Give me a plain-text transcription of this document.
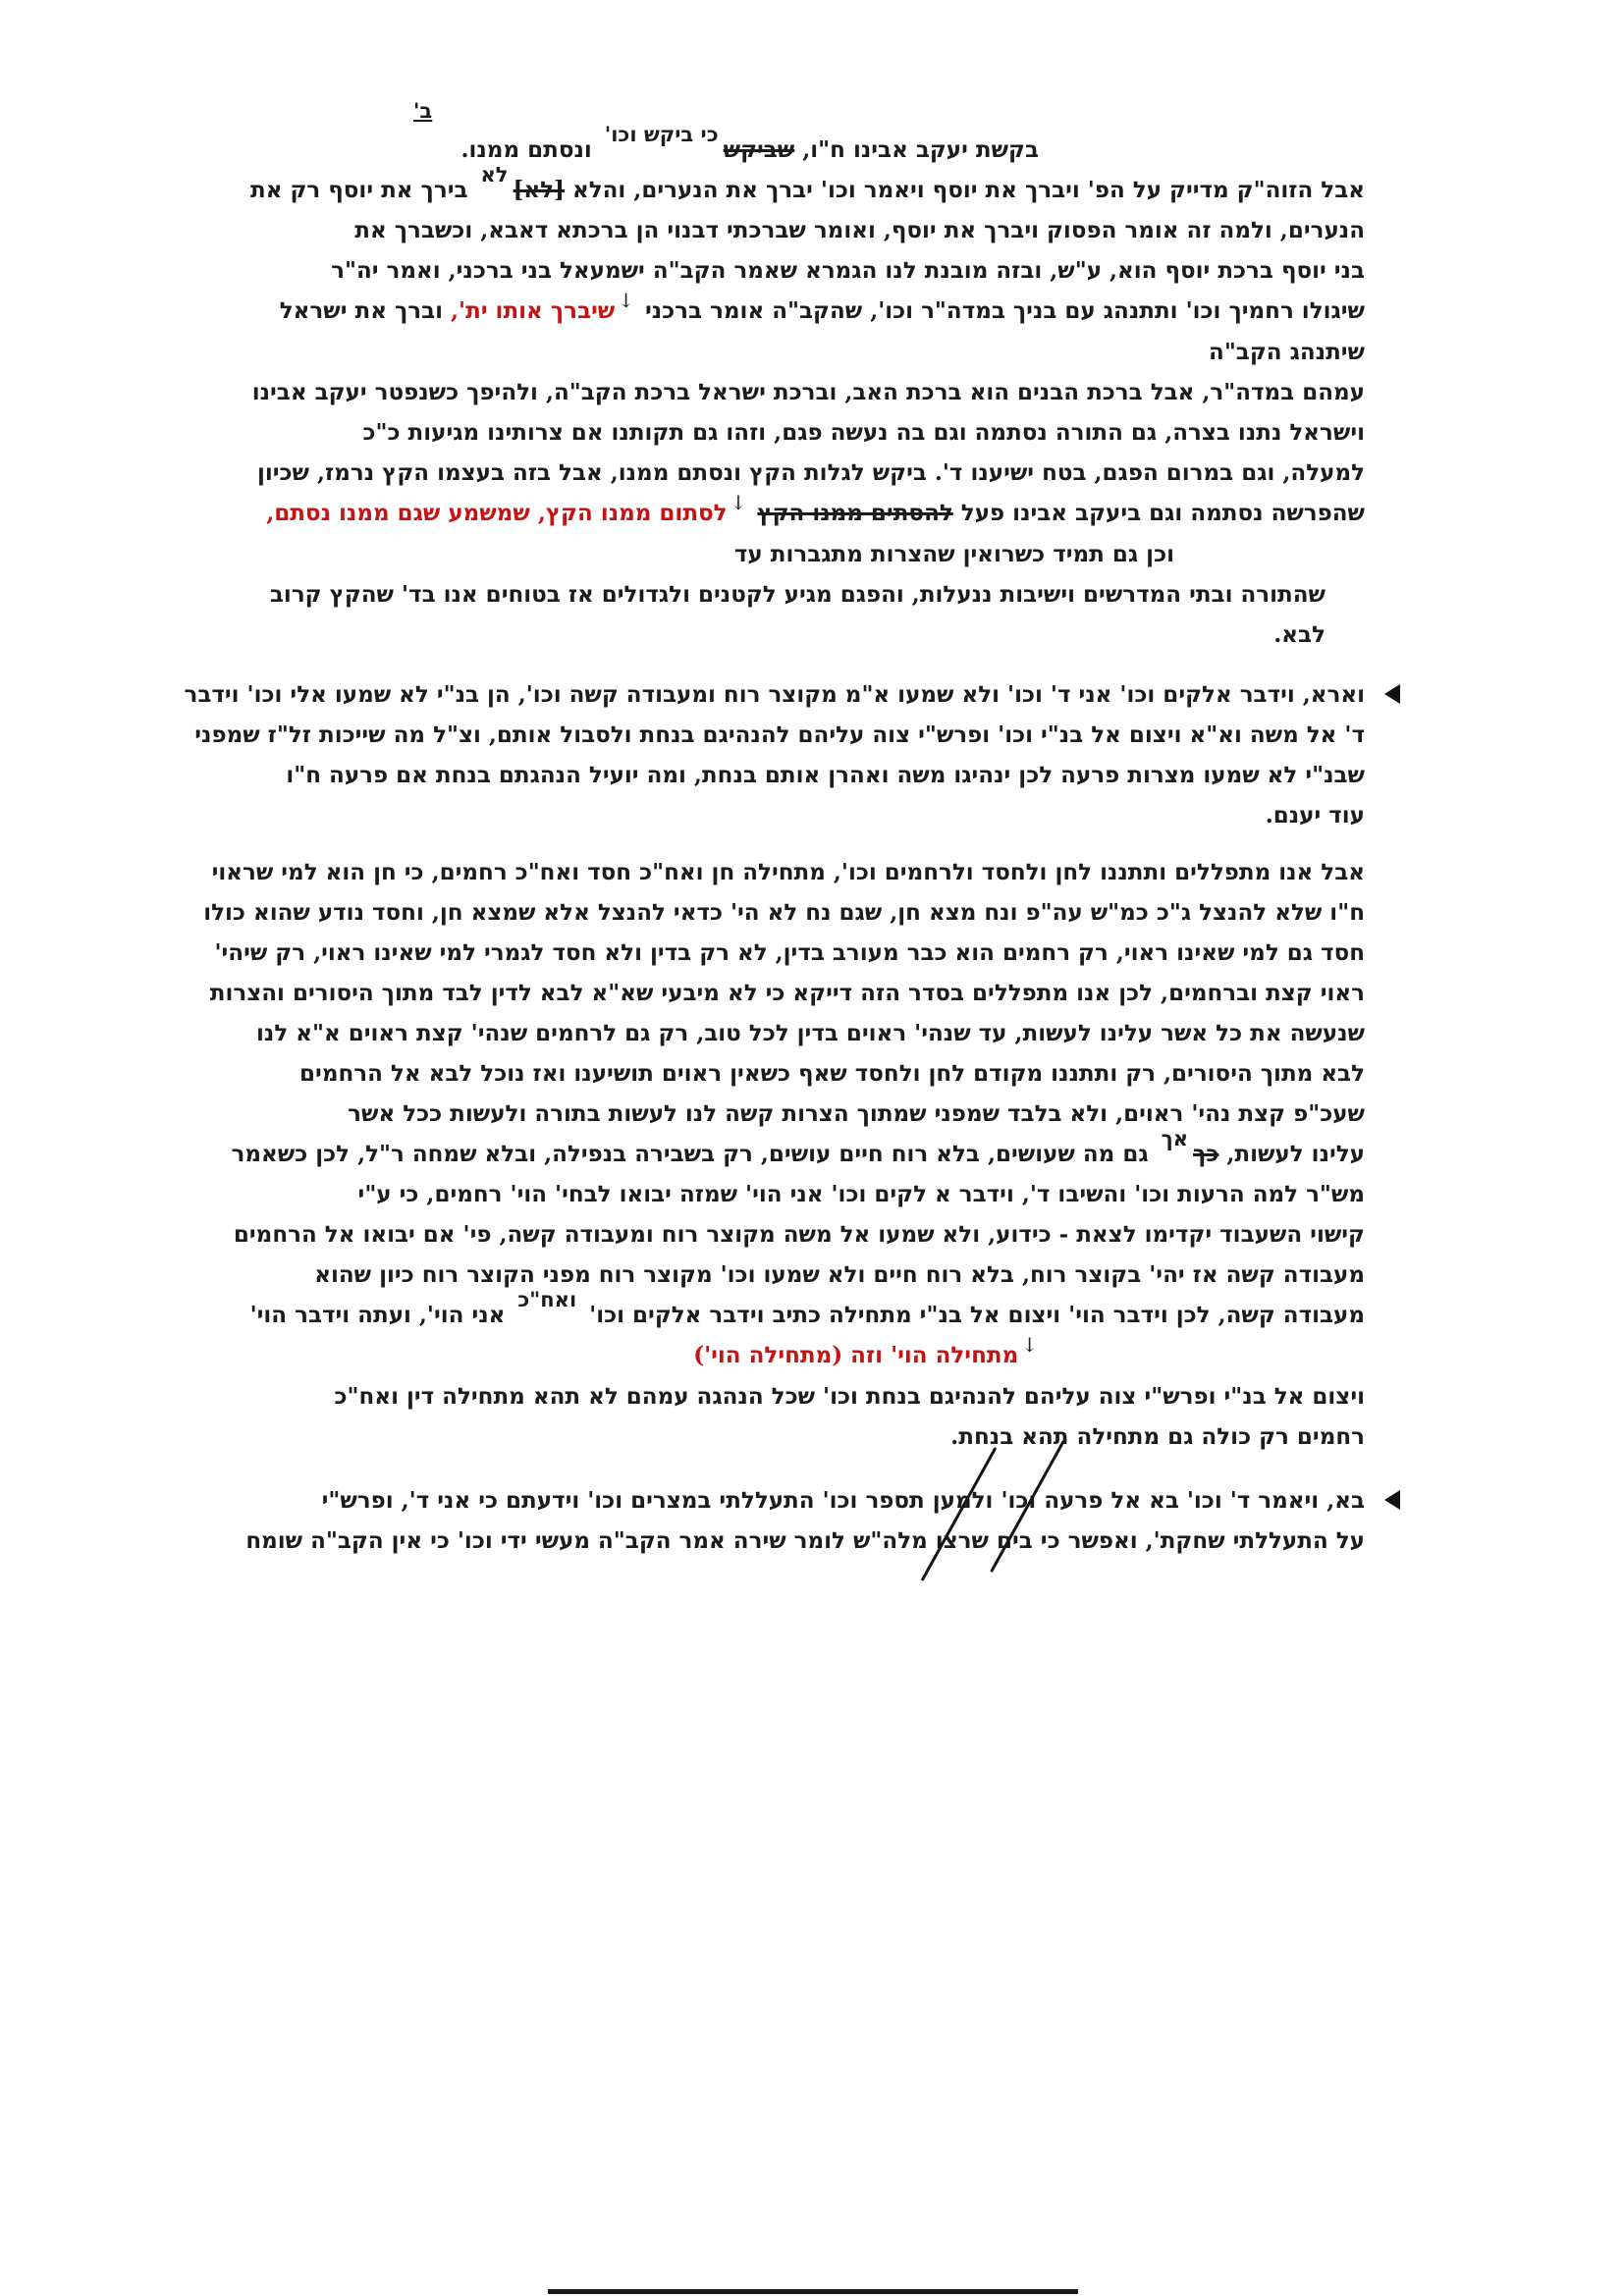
ב'
בקשת יעקב אבינו ח"ו, שביקשכי ביקש וכו' ונסתם ממנו.
אבל הזוה"ק מדייק על הפ' ויברך את יוסף ויאמר וכו' יברך את הנערים, והלא [לא]לא בירך את יוסף רק את
הנערים, ולמה זה אומר הפסוק ויברך את יוסף, ואומר שברכתי דבנוי הן ברכתא דאבא, וכשברך את
בני יוסף ברכת יוסף הוא, ע"ש, ובזה מובנת לנו הגמרא שאמר הקב"ה ישמעאל בני ברכני, ואמר יה"ר
שיגולו רחמיך וכו' ותתנהג עם בניך במדה"ר וכו', שהקב"ה אומר ברכני ↓שיברך אותו ית', וברך את ישראל
שיתנהג הקב"ה
עמהם במדה"ר, אבל ברכת הבנים הוא ברכת האב, וברכת ישראל ברכת הקב"ה, ולהיפך כשנפטר יעקב אבינו
וישראל נתנו בצרה, גם התורה נסתמה וגם בה נעשה פגם, וזהו גם תקותנו אם צרותינו מגיעות כ"כ
למעלה, וגם במרום הפגם, בטח ישיענו ד'. ביקש לגלות הקץ ונסתם ממנו, אבל בזה בעצמו הקץ נרמז, שכיון
שהפרשה נסתמה וגם ביעקב אבינו פעל להסתים ממנו הקץ ↓לסתום ממנו הקץ, שמשמע שגם ממנו נסתם,
וכן גם תמיד כשרואין שהצרות מתגברות עד
שהתורה ובתי המדרשים וישיבות ננעלות, והפגם מגיע לקטנים ולגדולים אז בטוחים אנו בד' שהקץ קרוב
לבא.
וארא, וידבר אלקים וכו' אני ד' וכו' ולא שמעו א"מ מקוצר רוח ומעבודה קשה וכו', הן בנ"י לא שמעו אלי וכו' וידבר
ד' אל משה וא"א ויצום אל בנ"י וכו' ופרש"י צוה עליהם להנהיגם בנחת ולסבול אותם, וצ"ל מה שייכות זל"ז שמפני
שבנ"י לא שמעו מצרות פרעה לכן ינהיגו משה ואהרן אותם בנחת, ומה יועיל הנהגתם בנחת אם פרעה ח"ו
עוד יענם.
אבל אנו מתפללים ותתננו לחן ולחסד ולרחמים וכו', מתחילה חן ואח"כ חסד ואח"כ רחמים, כי חן הוא למי שראוי
ח"ו שלא להנצל ג"כ כמ"ש עה"פ ונח מצא חן, שגם נח לא הי' כדאי להנצל אלא שמצא חן, וחסד נודע שהוא כולו
חסד גם למי שאינו ראוי, רק רחמים הוא כבר מעורב בדין, לא רק בדין ולא חסד לגמרי למי שאינו ראוי, רק שיהי'
ראוי קצת וברחמים, לכן אנו מתפללים בסדר הזה דייקא כי לא מיבעי שא"א לבא לדין לבד מתוך היסורים והצרות
שנעשה את כל אשר עלינו לעשות, עד שנהי' ראוים בדין לכל טוב, רק גם לרחמים שנהי' קצת ראוים א"א לנו
לבא מתוך היסורים, רק ותתננו מקודם לחן ולחסד שאף כשאין ראוים תושיענו ואז נוכל לבא אל הרחמים
שעכ"פ קצת נהי' ראוים, ולא בלבד שמפני שמתוך הצרות קשה לנו לעשות בתורה ולעשות ככל אשר
עלינו לעשות, כךאך גם מה שעושים, בלא רוח חיים עושים, רק בשבירה בנפילה, ובלא שמחה ר"ל, לכן כשאמר
מש"ר למה הרעות וכו' והשיבו ד', וידבר א לקים וכו' אני הוי' שמזה יבואו לבחי' הוי' רחמים, כי ע"י
קישוי השעבוד יקדימו לצאת - כידוע, ולא שמעו אל משה מקוצר רוח ומעבודה קשה, פי' אם יבואו אל הרחמים
מעבודה קשה אז יהי' בקוצר רוח, בלא רוח חיים ולא שמעו וכו' מקוצר רוח מפני הקוצר רוח כיון שהוא
מעבודה קשה, לכן וידבר הוי' ויצום אל בנ"י מתחילה כתיב וידבר אלקים וכו' ואח"כ אני הוי', ועתה וידבר הוי'
↓מתחילה הוי' וזה (מתחילה הוי')
ויצום אל בנ"י ופרש"י צוה עליהם להנהיגם בנחת וכו' שכל הנהגה עמהם לא תהא מתחילה דין ואח"כ
רחמים רק כולה גם מתחילה תהא בנחת.
בא, ויאמר ד' וכו' בא אל פרעה וכו' ולמען תספר וכו' התעללתי במצרים וכו' וידעתם כי אני ד', ופרש"י
על התעללתי שחקת', ואפשר כי בים שרצו מלה"ש לומר שירה אמר הקב"ה מעשי ידי וכו' כי אין הקב"ה שומח
